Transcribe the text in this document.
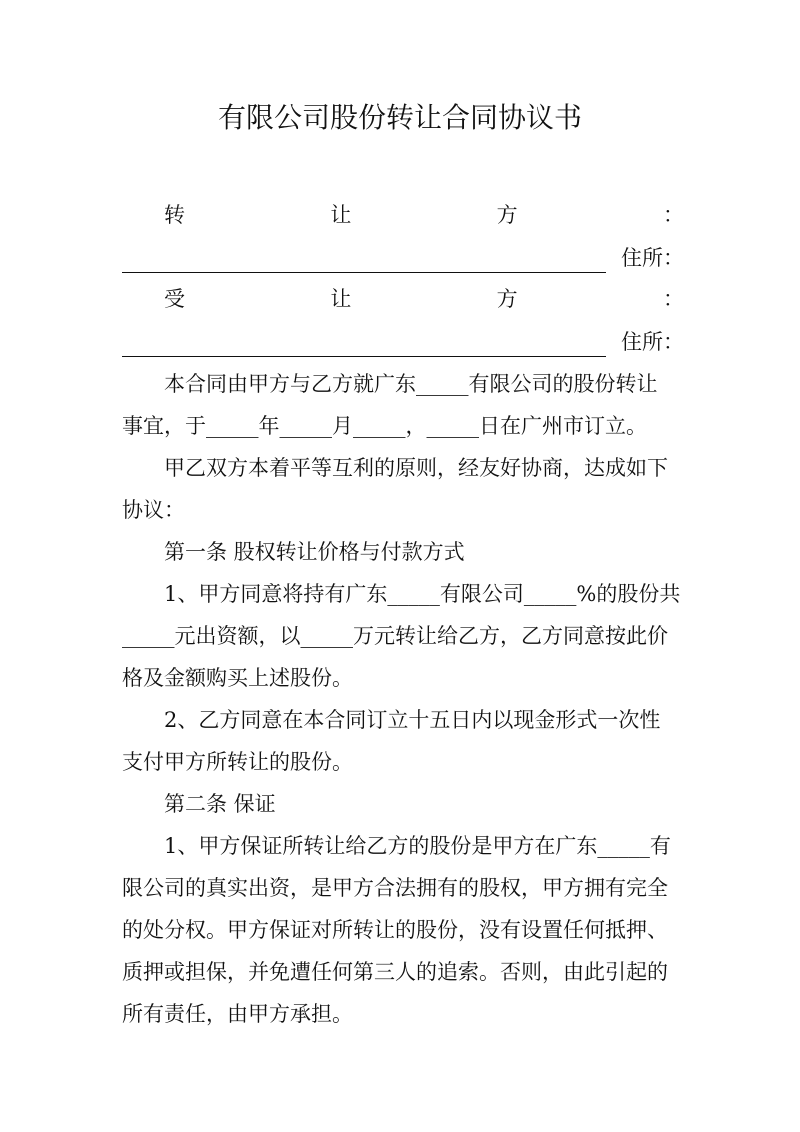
有限公司股份转让合同协议书
转	让	方	：
住所：
受	让	方	：
住所：
本合同由甲方与乙方就广东_____有限公司的股份转让
事宜，于_____年_____月_____，_____日在广州市订立。
甲乙双方本着平等互利的原则，经友好协商，达成如下
协议：
第一条 股权转让价格与付款方式
1、甲方同意将持有广东_____有限公司_____%的股份共
_____元出资额，以_____万元转让给乙方，乙方同意按此价
格及金额购买上述股份。
2、乙方同意在本合同订立十五日内以现金形式一次性
支付甲方所转让的股份。
第二条 保证
1、甲方保证所转让给乙方的股份是甲方在广东_____有
限公司的真实出资，是甲方合法拥有的股权，甲方拥有完全
的处分权。甲方保证对所转让的股份，没有设置任何抵押、
质押或担保，并免遭任何第三人的追索。否则，由此引起的
所有责任，由甲方承担。
